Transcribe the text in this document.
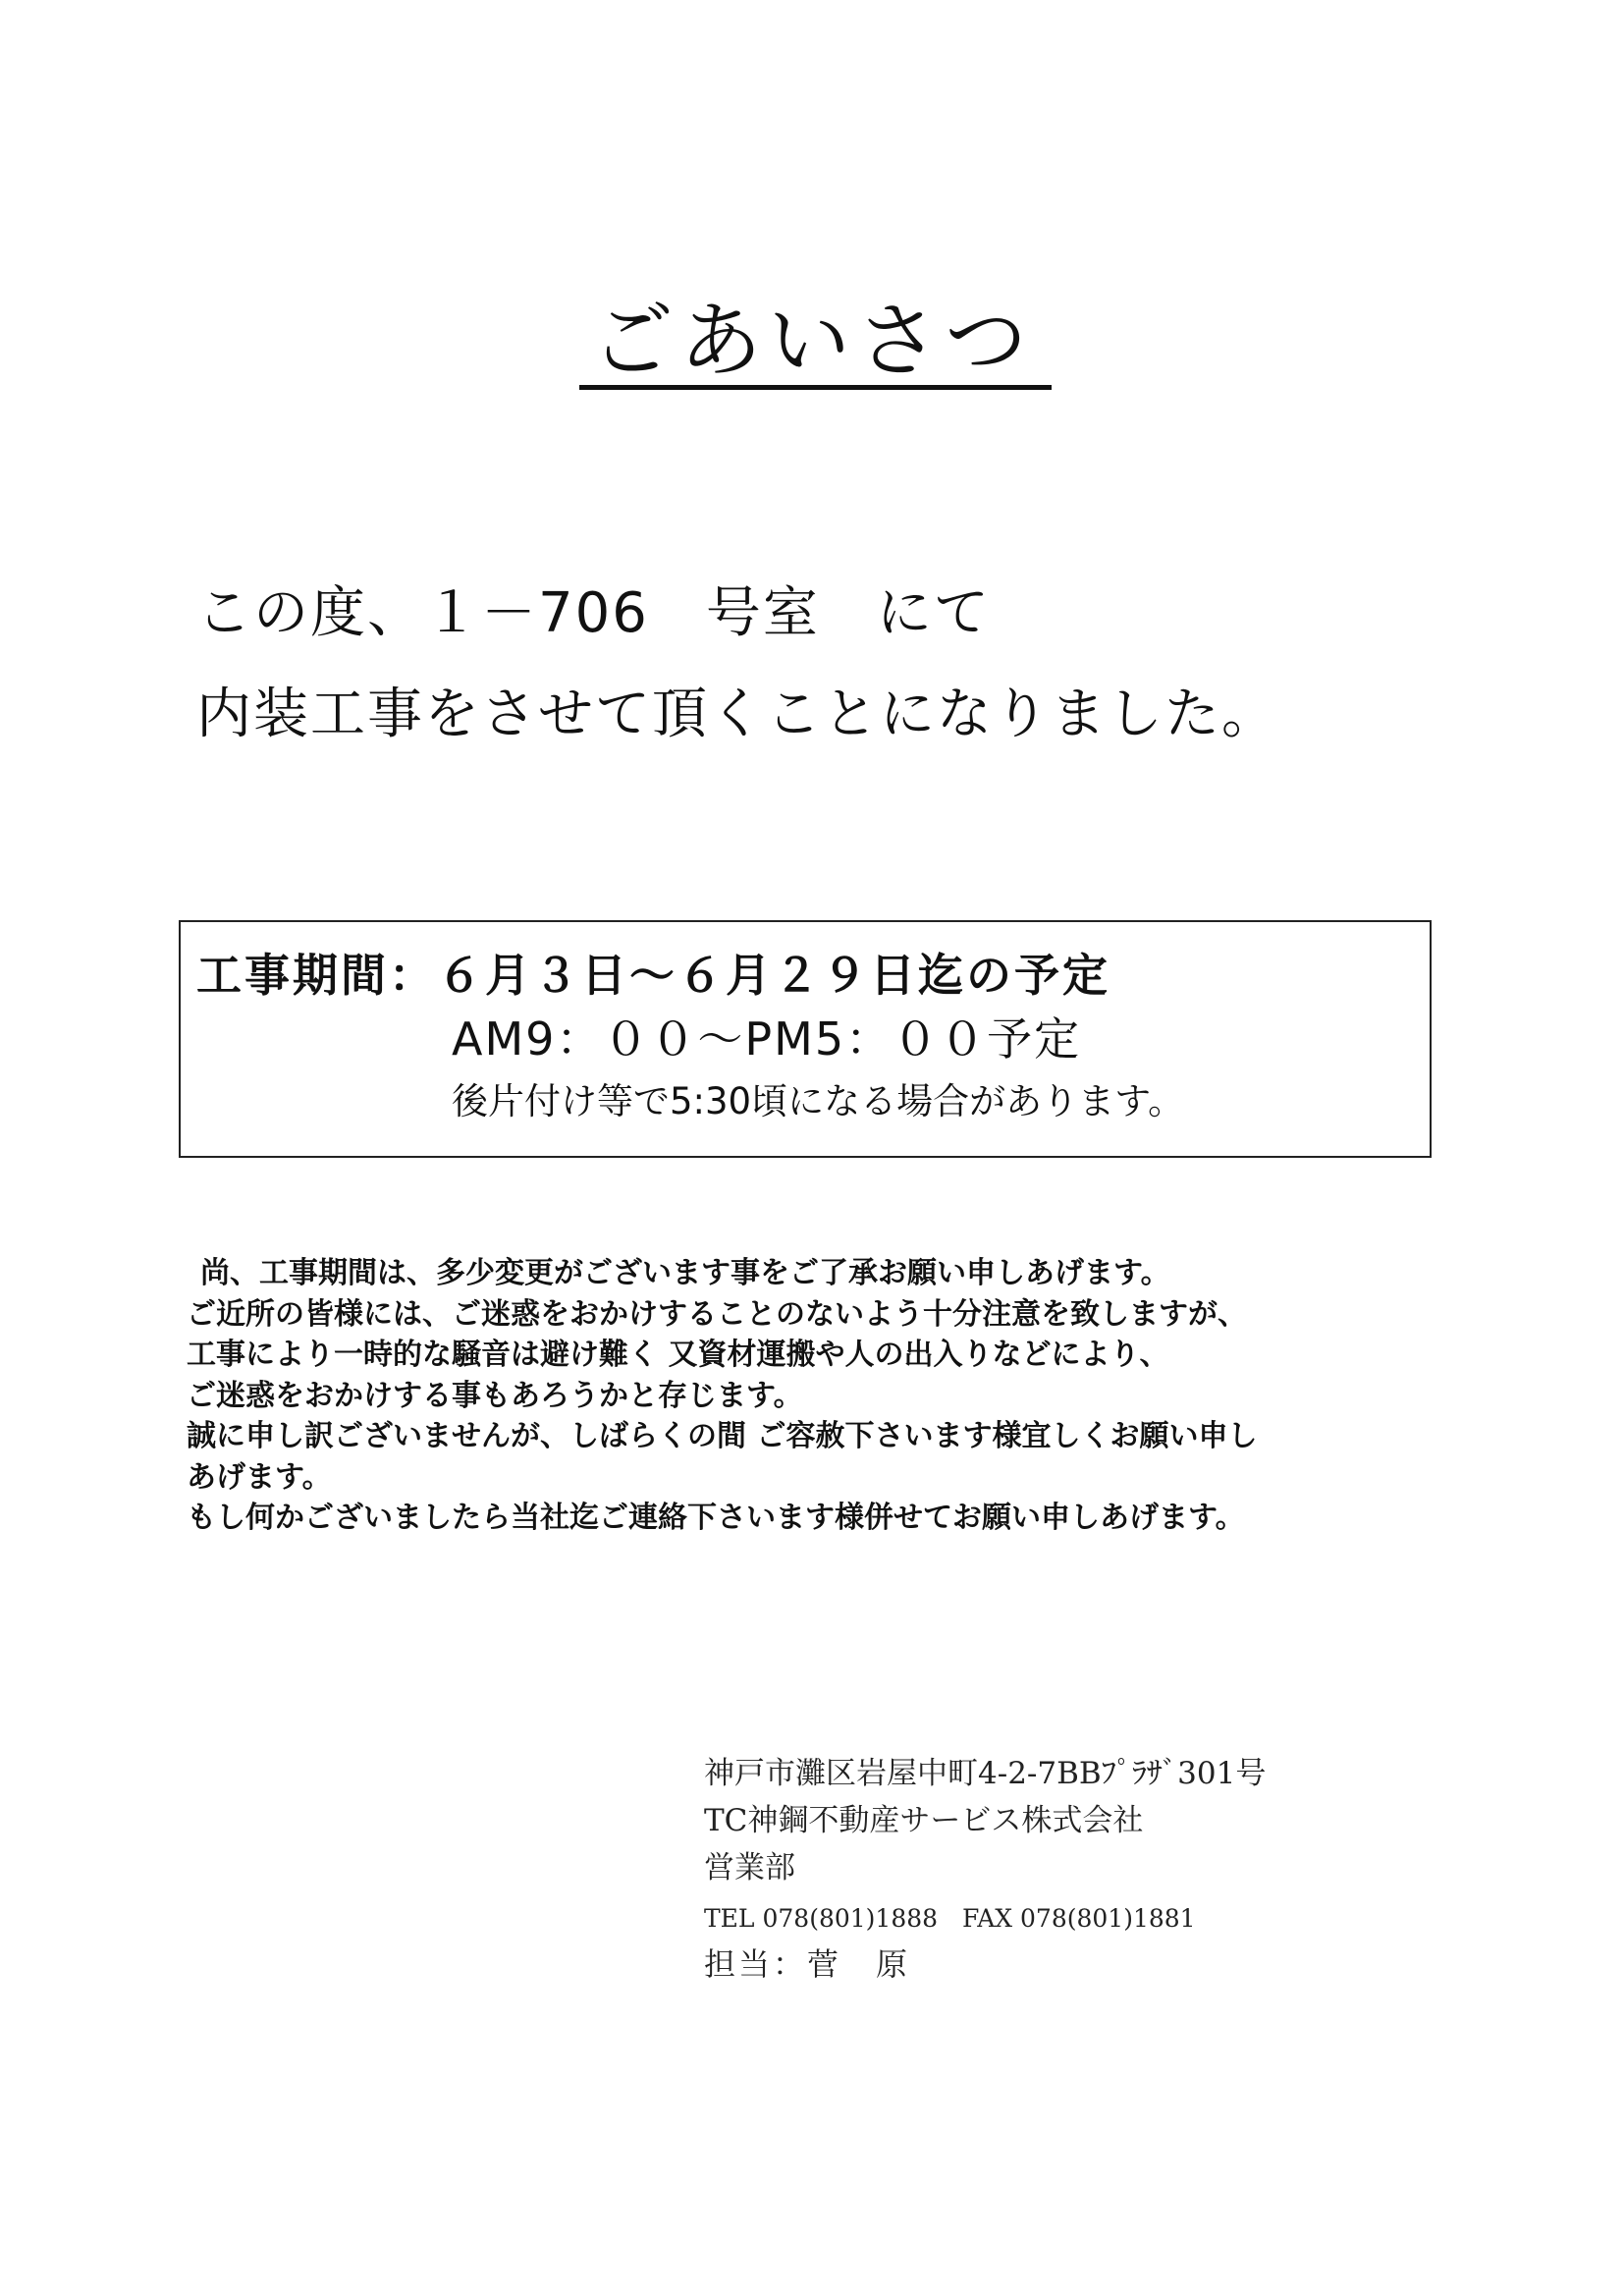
ごあいさつ
この度、１－706　号室　にて
内装工事をさせて頂くことになりました。
工事期間：６月３日～６月２９日迄の予定
AM9：００～PM5：００予定
後片付け等で5:30頃になる場合があります。
尚、工事期間は、多少変更がございます事をご了承お願い申しあげます。
ご近所の皆様には、ご迷惑をおかけすることのないよう十分注意を致しますが、
工事により一時的な騒音は避け難く 又資材運搬や人の出入りなどにより、
ご迷惑をおかけする事もあろうかと存じます。
誠に申し訳ございませんが、しばらくの間 ご容赦下さいます様宜しくお願い申し
あげます。
もし何かございましたら当社迄ご連絡下さいます様併せてお願い申しあげます。
神戸市灘区岩屋中町4-2-7BBﾌﾟﾗｻﾞ301号
TC神鋼不動産サービス株式会社
営業部
TEL 078(801)1888　FAX 078(801)1881
担当：菅　原
